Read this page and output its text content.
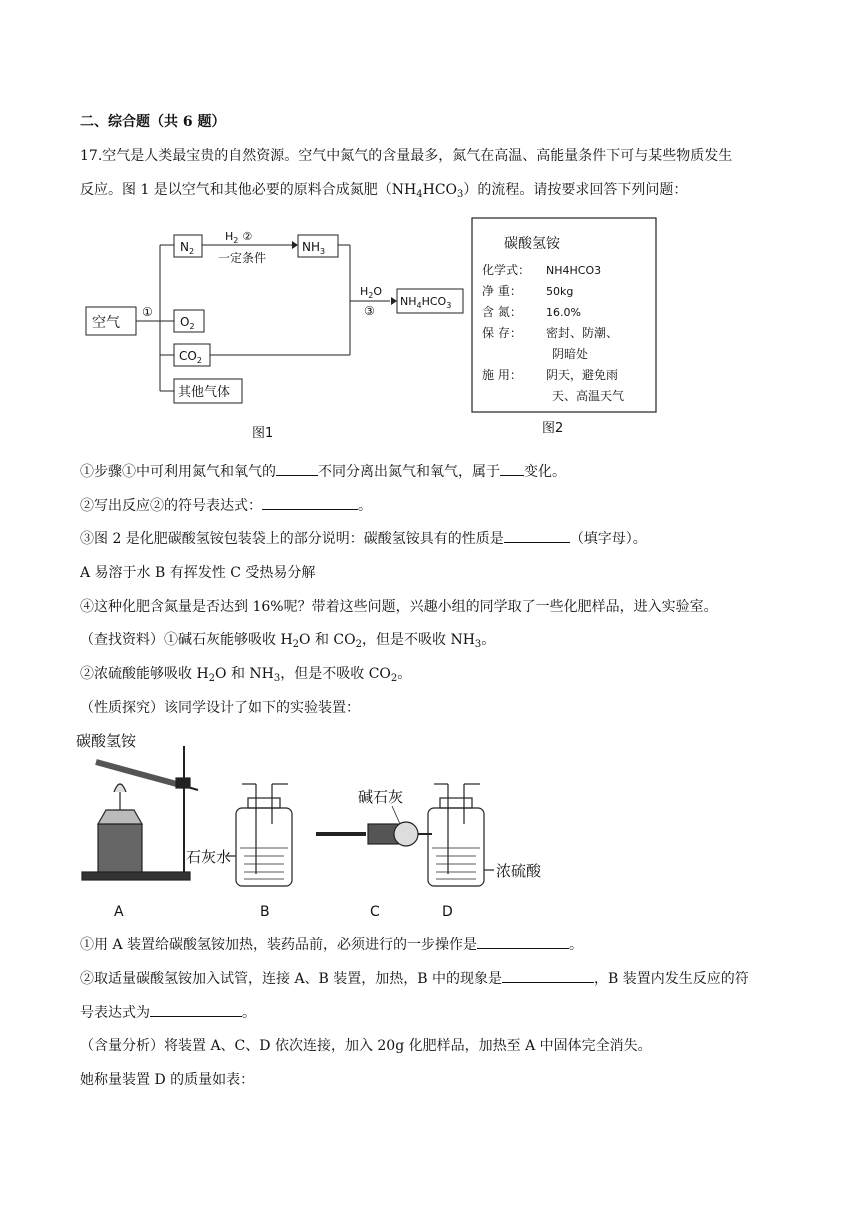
二、综合题（共 6 题）
17.空气是人类最宝贵的自然资源。空气中氮气的含量最多，氮气在高温、高能量条件下可与某些物质发生
反应。图 1 是以空气和其他必要的原料合成氮肥$(NH_4HCO_3)$的流程。请按要求回答下列问题：
空气
①
$N_2$
$O_2$
$CO_2$
其他气体
$H_2$ ②
一定条件
$NH_3$
$H_2O$
③
$NH_4HCO_3$
图1
碳酸氢铵
化学式： NH4HCO3
净 重： 50kg
含 氮： 16.0%
保 存： 密封、防潮、
阴暗处
施 用： 阴天，避免雨
天、高温天气
图2
①步骤①中可利用氮气和氧气的	不同分离出氮气和氧气，属于 变化。
②写出反应②的符号表达式：	。
③图 2 是化肥碳酸氢铵包装袋上的部分说明：碳酸氢铵具有的性质是	（填字母）。
A 易溶于水 B 有挥发性 C 受热易分解
④这种化肥含氮量是否达到 16%呢？带着这些问题，兴趣小组的同学取了一些化肥样品，进入实验室。
（查找资料）①碱石灰能够吸收 $H_2O$ 和 $CO_2$，但是不吸收 $NH_3$。
②浓硫酸能够吸收 $H_2O$ 和 $NH_3$，但是不吸收 $CO_2$。
（性质探究）该同学设计了如下的实验装置：
碳酸氢铵
石灰水
碱石灰
浓硫酸
A	B	C	D
①用 A 装置给碳酸氢铵加热，装药品前，必须进行的一步操作是	。
②取适量碳酸氢铵加入试管，连接 A、B 装置，加热，B 中的现象是	，B 装置内发生反应的符
号表达式为	。
（含量分析）将装置 A、C、D 依次连接，加入 20g 化肥样品，加热至 A 中固体完全消失。
她称量装置 D 的质量如表：
